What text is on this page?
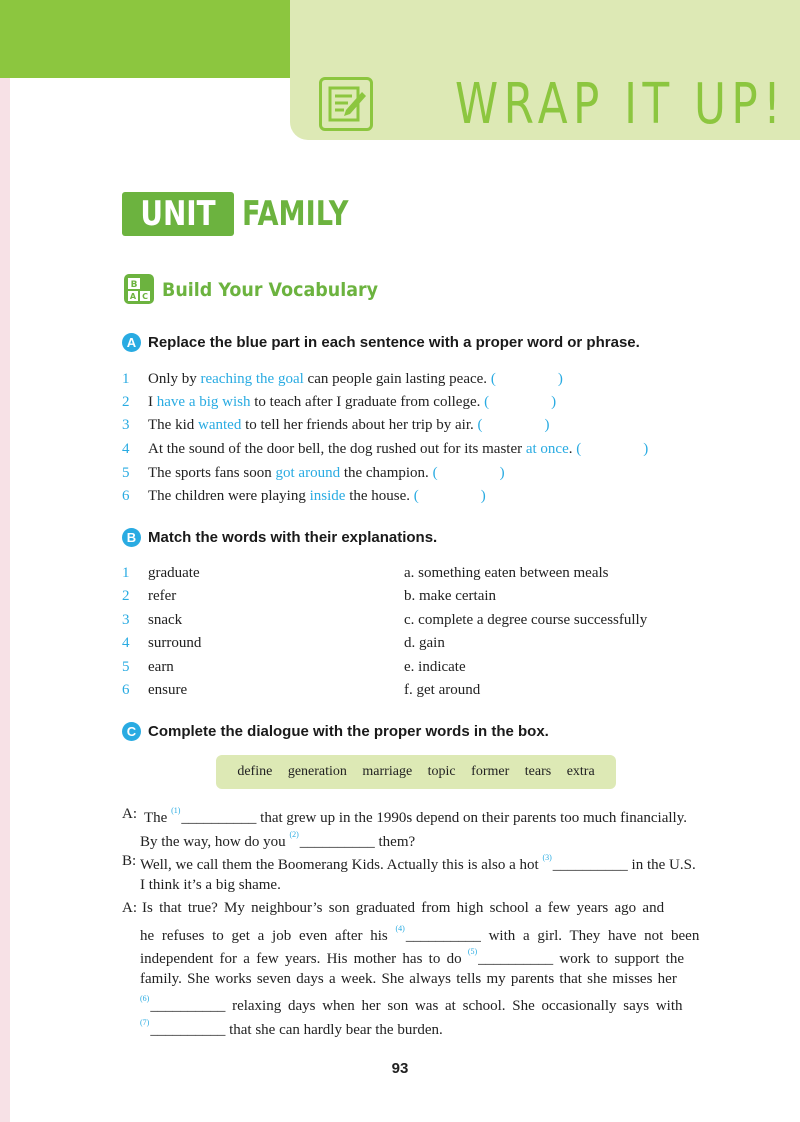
WRAP IT UP!
UNIT 1
FAMILY
B
A C Build Your Vocabulary
A Replace the blue part in each sentence with a proper word or phrase.
1 Only by reaching the goal can people gain lasting peace. (	)
2 I have a big wish to teach after I graduate from college. (	)
3 The kid wanted to tell her friends about her trip by air. (	)
4 At the sound of the door bell, the dog rushed out for its master at once. (	)
5 The sports fans soon got around the champion. (	)
6 The children were playing inside the house. (	)
B Match the words with their explanations.
1 graduate	a. something eaten between meals
2 refer	b. make certain
3 snack	c. complete a degree course successfully
4 surround	d. gain
5 earn	e. indicate
6 ensure	f. get around
C Complete the dialogue with the proper words in the box.
define generation marriage topic former tears extra
A: The $^{(1)}$__________ that grew up in the 1990s depend on their parents too much financially.
By the way, how do you $^{(2)}$__________ them?
B: Well, we call them the Boomerang Kids. Actually this is also a hot $^{(3)}$__________ in the U.S.
I think it’s a big shame.
A: Is that true? My neighbour’s son graduated from high school a few years ago and
he refuses to get a job even after his $^{(4)}$__________ with a girl. They have not been
independent for a few years. His mother has to do $^{(5)}$__________ work to support the
family. She works seven days a week. She always tells my parents that she misses her
$^{(6)}$__________ relaxing days when her son was at school. She occasionally says with
$^{(7)}$__________ that she can hardly bear the burden.
93
